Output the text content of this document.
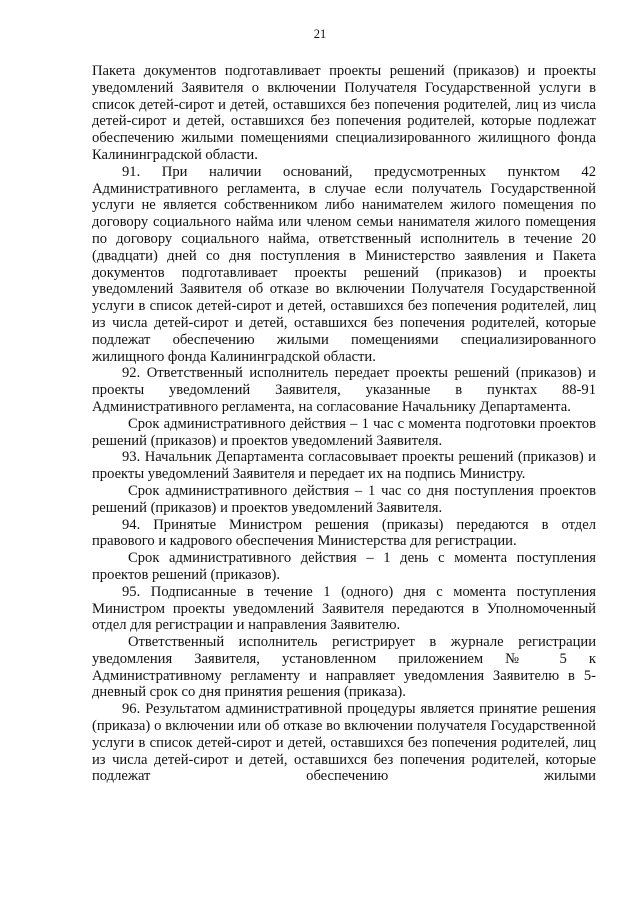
21

Пакета документов подготавливает проекты решений (приказов) и проекты уведомлений Заявителя о включении Получателя Государственной услуги в список детей-сирот и детей, оставшихся без попечения родителей, лиц из числа детей-сирот и детей, оставшихся без попечения родителей, которые подлежат обеспечению жилыми помещениями специализированного жилищного фонда Калининградской области.

91. При наличии оснований, предусмотренных пунктом 42 Административного регламента, в случае если получатель Государственной услуги не является собственником либо нанимателем жилого помещения по договору социального найма или членом семьи нанимателя жилого помещения по договору социального найма, ответственный исполнитель в течение 20 (двадцати) дней со дня поступления в Министерство заявления и Пакета документов подготавливает проекты решений (приказов) и проекты уведомлений Заявителя об отказе во включении Получателя Государственной услуги в список детей-сирот и детей, оставшихся без попечения родителей, лиц из числа детей-сирот и детей, оставшихся без попечения родителей, которые подлежат обеспечению жилыми помещениями специализированного жилищного фонда Калининградской области.

92. Ответственный исполнитель передает проекты решений (приказов) и проекты уведомлений Заявителя, указанные в пунктах 88-91 Административного регламента, на согласование Начальнику Департамента.

Срок административного действия – 1 час с момента подготовки проектов решений (приказов) и проектов уведомлений Заявителя.

93. Начальник Департамента согласовывает проекты решений (приказов) и проекты уведомлений Заявителя и передает их на подпись Министру.

Срок административного действия – 1 час со дня поступления проектов решений (приказов) и проектов уведомлений Заявителя.

94. Принятые Министром решения (приказы) передаются в отдел правового и кадрового обеспечения Министерства для регистрации.

Срок административного действия – 1 день с момента поступления проектов решений (приказов).

95. Подписанные в течение 1 (одного) дня с момента поступления Министром проекты уведомлений Заявителя передаются в Уполномоченный отдел для регистрации и направления Заявителю.

Ответственный исполнитель регистрирует в журнале регистрации уведомления Заявителя, установленном приложением № 5 к Административному регламенту и направляет уведомления Заявителю в 5-дневный срок со дня принятия решения (приказа).

96. Результатом административной процедуры является принятие решения (приказа) о включении или об отказе во включении получателя Государственной услуги в список детей-сирот и детей, оставшихся без попечения родителей, лиц из числа детей-сирот и детей, оставшихся без попечения родителей, которые подлежат обеспечению жилыми
